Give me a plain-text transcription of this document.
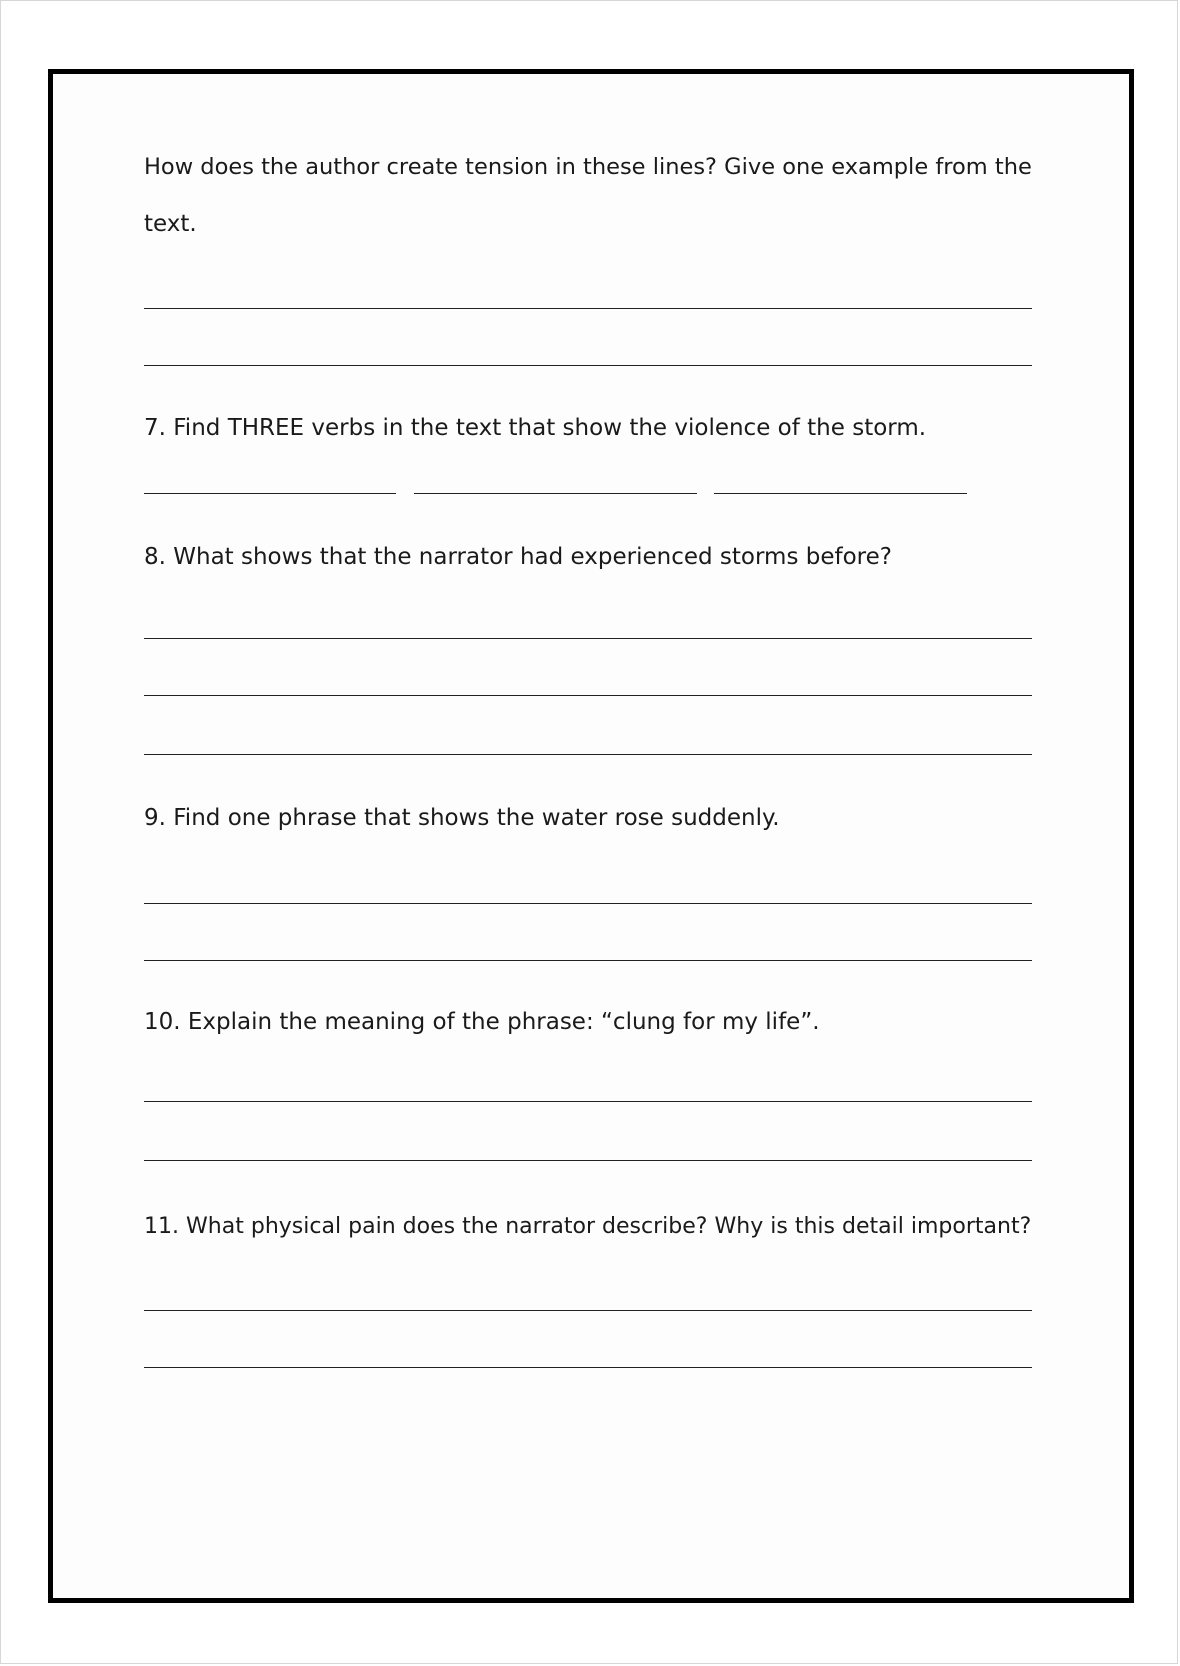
How does the author create tension in these lines? Give one example from the

text.

7. Find THREE verbs in the text that show the violence of the storm.

8. What shows that the narrator had experienced storms before?

9. Find one phrase that shows the water rose suddenly.

10. Explain the meaning of the phrase: “clung for my life”.

11. What physical pain does the narrator describe? Why is this detail important?
